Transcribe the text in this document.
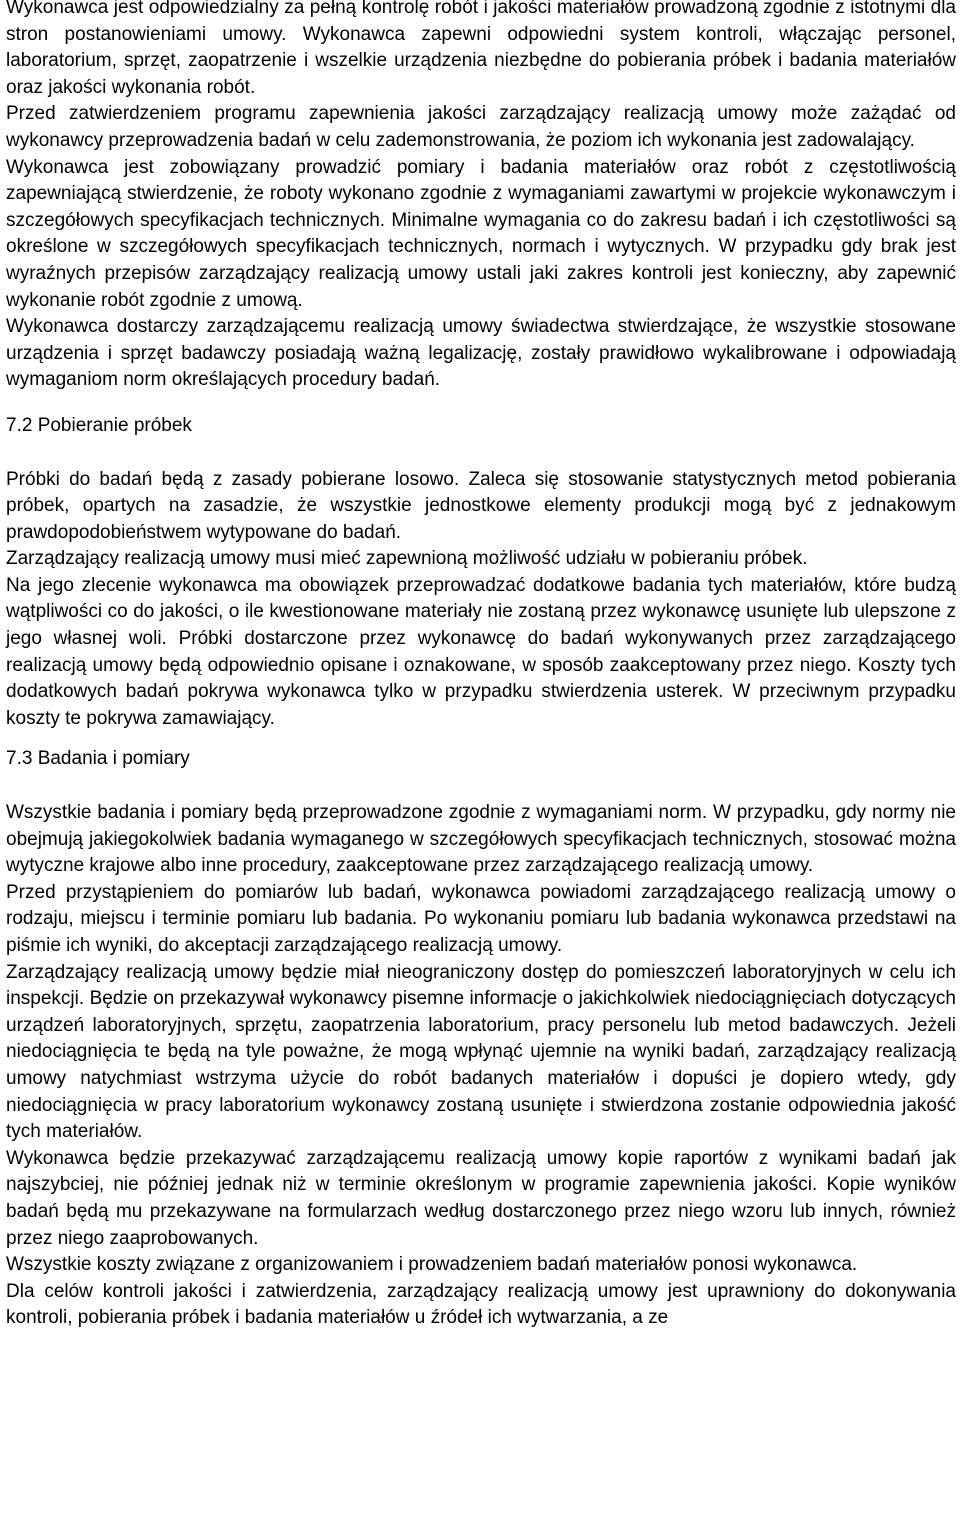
Wykonawca jest odpowiedzialny za pełną kontrolę robót i jakości materiałów prowadzoną zgodnie z istotnymi dla stron postanowieniami umowy. Wykonawca zapewni odpowiedni system kontroli, włączając personel, laboratorium, sprzęt, zaopatrzenie i wszelkie urządzenia niezbędne do pobierania próbek i badania materiałów oraz jakości wykonania robót.

Przed zatwierdzeniem programu zapewnienia jakości zarządzający realizacją umowy może zażądać od wykonawcy przeprowadzenia badań w celu zademonstrowania, że poziom ich wykonania jest zadowalający.

Wykonawca jest zobowiązany prowadzić pomiary i badania materiałów oraz robót z częstotliwością zapewniającą stwierdzenie, że roboty wykonano zgodnie z wymaganiami zawartymi w projekcie wykonawczym i szczegółowych specyfikacjach technicznych. Minimalne wymagania co do zakresu badań i ich częstotliwości są określone w szczegółowych specyfikacjach technicznych, normach i wytycznych. W przypadku gdy brak jest wyraźnych przepisów zarządzający realizacją umowy ustali jaki zakres kontroli jest konieczny, aby zapewnić wykonanie robót zgodnie z umową.

Wykonawca dostarczy zarządzającemu realizacją umowy świadectwa stwierdzające, że wszystkie stosowane urządzenia i sprzęt badawczy posiadają ważną legalizację, zostały prawidłowo wykalibrowane i odpowiadają wymaganiom norm określających procedury badań.

7.2 Pobieranie próbek

Próbki do badań będą z zasady pobierane losowo. Zaleca się stosowanie statystycznych metod pobierania próbek, opartych na zasadzie, że wszystkie jednostkowe elementy produkcji mogą być z jednakowym prawdopodobieństwem wytypowane do badań.

Zarządzający realizacją umowy musi mieć zapewnioną możliwość udziału w pobieraniu próbek.

Na jego zlecenie wykonawca ma obowiązek przeprowadzać dodatkowe badania tych materiałów, które budzą wątpliwości co do jakości, o ile kwestionowane materiały nie zostaną przez wykonawcę usunięte lub ulepszone z jego własnej woli. Próbki dostarczone przez wykonawcę do badań wykonywanych przez zarządzającego realizacją umowy będą odpowiednio opisane i oznakowane, w sposób zaakceptowany przez niego. Koszty tych dodatkowych badań pokrywa wykonawca tylko w przypadku stwierdzenia usterek. W przeciwnym przypadku koszty te pokrywa zamawiający.

7.3 Badania i pomiary

Wszystkie badania i pomiary będą przeprowadzone zgodnie z wymaganiami norm. W przypadku, gdy normy nie obejmują jakiegokolwiek badania wymaganego w szczegółowych specyfikacjach technicznych, stosować można wytyczne krajowe albo inne procedury, zaakceptowane przez zarządzającego realizacją umowy.

Przed przystąpieniem do pomiarów lub badań, wykonawca powiadomi zarządzającego realizacją umowy o rodzaju, miejscu i terminie pomiaru lub badania. Po wykonaniu pomiaru lub badania wykonawca przedstawi na piśmie ich wyniki, do akceptacji zarządzającego realizacją umowy.

Zarządzający realizacją umowy będzie miał nieograniczony dostęp do pomieszczeń laboratoryjnych w celu ich inspekcji. Będzie on przekazywał wykonawcy pisemne informacje o jakichkolwiek niedociągnięciach dotyczących urządzeń laboratoryjnych, sprzętu, zaopatrzenia laboratorium, pracy personelu lub metod badawczych. Jeżeli niedociągnięcia te będą na tyle poważne, że mogą wpłynąć ujemnie na wyniki badań, zarządzający realizacją umowy natychmiast wstrzyma użycie do robót badanych materiałów i dopuści je dopiero wtedy, gdy niedociągnięcia w pracy laboratorium wykonawcy zostaną usunięte i stwierdzona zostanie odpowiednia jakość tych materiałów.

Wykonawca będzie przekazywać zarządzającemu realizacją umowy kopie raportów z wynikami badań jak najszybciej, nie później jednak niż w terminie określonym w programie zapewnienia jakości. Kopie wyników badań będą mu przekazywane na formularzach według dostarczonego przez niego wzoru lub innych, również przez niego zaaprobowanych.

Wszystkie koszty związane z organizowaniem i prowadzeniem badań materiałów ponosi wykonawca.

Dla celów kontroli jakości i zatwierdzenia, zarządzający realizacją umowy jest uprawniony do dokonywania kontroli, pobierania próbek i badania materiałów u źródeł ich wytwarzania, a ze
